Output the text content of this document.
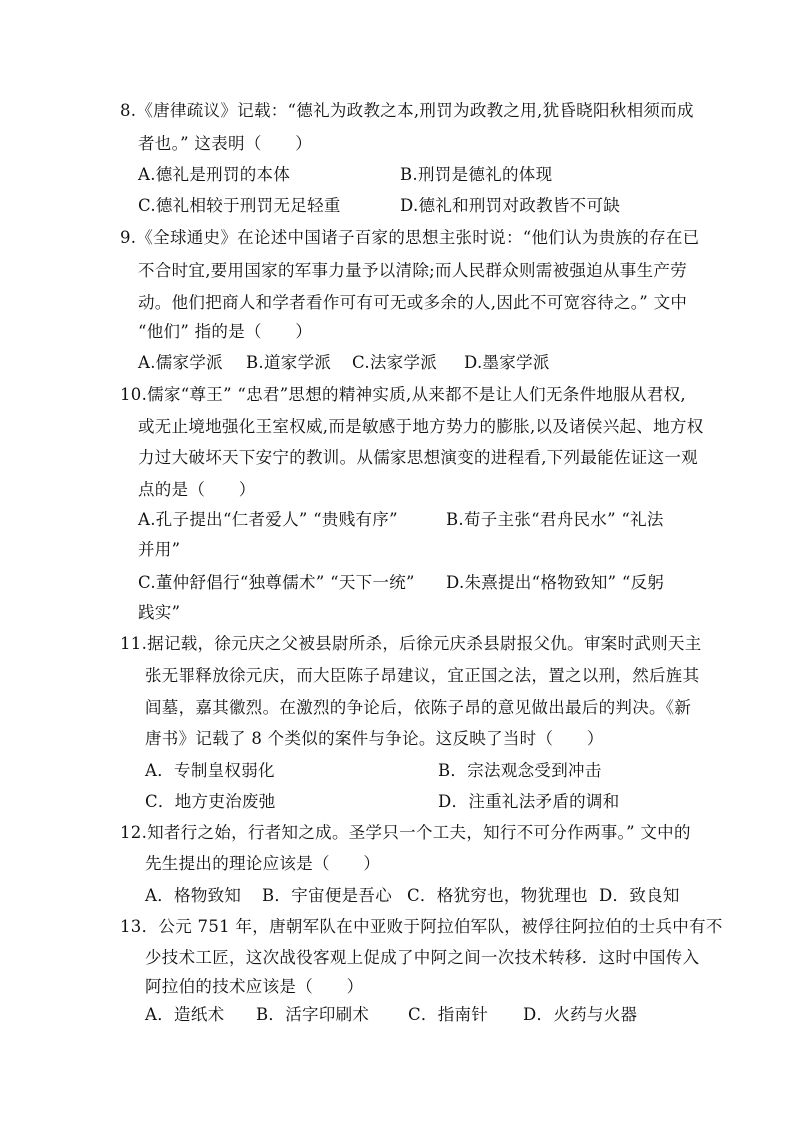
8.《唐律疏议》记载：“德礼为政教之本,刑罚为政教之用,犹昏晓阳秋相须而成
者也。” 这表明（　　）
A.德礼是刑罚的本体	B.刑罚是德礼的体现
C.德礼相较于刑罚无足轻重	D.德礼和刑罚对政教皆不可缺
9.《全球通史》在论述中国诸子百家的思想主张时说：“他们认为贵族的存在已
不合时宜,要用国家的军事力量予以清除;而人民群众则需被强迫从事生产劳
动。他们把商人和学者看作可有可无或多余的人,因此不可宽容待之。” 文中
“他们” 指的是（　　）
A.儒家学派 B.道家学派 C.法家学派 D.墨家学派
10.儒家“尊王” “忠君”思想的精神实质,从来都不是让人们无条件地服从君权,
或无止境地强化王室权威,而是敏感于地方势力的膨胀,以及诸侯兴起、地方权
力过大破坏天下安宁的教训。从儒家思想演变的进程看,下列最能佐证这一观
点的是（　　）
A.孔子提出“仁者爱人” “贵贱有序”	B.荀子主张“君舟民水” “礼法
并用”
C.董仲舒倡行“独尊儒术” “天下一统” D.朱熹提出“格物致知” “反躬
践实”
11.据记载，徐元庆之父被县尉所杀，后徐元庆杀县尉报父仇。审案时武则天主
张无罪释放徐元庆，而大臣陈子昂建议，宜正国之法，置之以刑，然后旌其
闾墓，嘉其徽烈。在激烈的争论后，依陈子昂的意见做出最后的判决。《新
唐书》记载了 8 个类似的案件与争论。这反映了当时（　　）
A．专制皇权弱化	B．宗法观念受到冲击
C．地方吏治废弛	D．注重礼法矛盾的调和
12.知者行之始，行者知之成。圣学只一个工夫，知行不可分作两事。” 文中的
先生提出的理论应该是（　　）
A．格物致知 B．宇宙便是吾心 C．格犹穷也，物犹理也 D．致良知
13．公元 751 年，唐朝军队在中亚败于阿拉伯军队，被俘往阿拉伯的士兵中有不
少技术工匠，这次战役客观上促成了中阿之间一次技术转移．这时中国传入
阿拉伯的技术应该是（　　）
A．造纸术 B．活字印刷术 C．指南针 D．火药与火器
